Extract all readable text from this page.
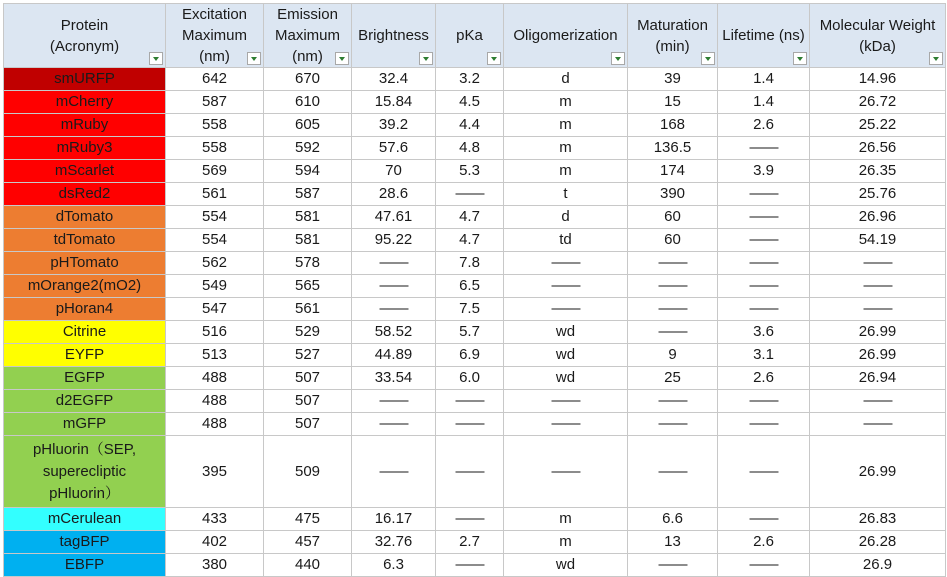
Protein
(Acronym)	Excitation
Maximum
(nm)	Emission
Maximum
(nm)	Brightness	pKa	Oligomerization	Maturation
(min)	Lifetime (ns)	Molecular Weight
(kDa)

smURFP	642	670	32.4	3.2	d	39	1.4	14.96
mCherry	587	610	15.84	4.5	m	15	1.4	26.72
mRuby	558	605	39.2	4.4	m	168	2.6	25.22
mRuby3	558	592	57.6	4.8	m	136.5	——	26.56
mScarlet	569	594	70	5.3	m	174	3.9	26.35
dsRed2	561	587	28.6	——	t	390	——	25.76
dTomato	554	581	47.61	4.7	d	60	——	26.96
tdTomato	554	581	95.22	4.7	td	60	——	54.19
pHTomato	562	578	——	7.8	——	——	——	——
mOrange2(mO2)	549	565	——	6.5	——	——	——	——
pHoran4	547	561	——	7.5	——	——	——	——
Citrine	516	529	58.52	5.7	wd	——	3.6	26.99
EYFP	513	527	44.89	6.9	wd	9	3.1	26.99
EGFP	488	507	33.54	6.0	wd	25	2.6	26.94
d2EGFP	488	507	——	——	——	——	——	——
mGFP	488	507	——	——	——	——	——	——
pHluorin（SEP,
superecliptic
pHluorin）	395	509	——	——	——	——	——	26.99
mCerulean	433	475	16.17	——	m	6.6	——	26.83
tagBFP	402	457	32.76	2.7	m	13	2.6	26.28
EBFP	380	440	6.3	——	wd	——	——	26.9
